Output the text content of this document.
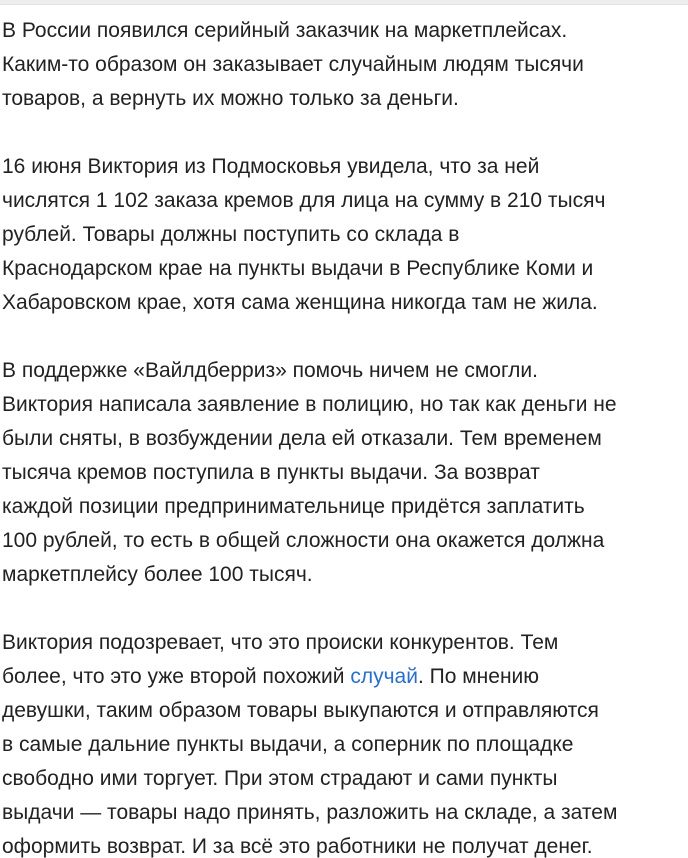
В России появился серийный заказчик на маркетплейсах.
Каким-то образом он заказывает случайным людям тысячи
товаров, а вернуть их можно только за деньги.

16 июня Виктория из Подмосковья увидела, что за ней
числятся 1 102 заказа кремов для лица на сумму в 210 тысяч
рублей. Товары должны поступить со склада в
Краснодарском крае на пункты выдачи в Республике Коми и
Хабаровском крае, хотя сама женщина никогда там не жила.

В поддержке «Вайлдберриз» помочь ничем не смогли.
Виктория написала заявление в полицию, но так как деньги не
были сняты, в возбуждении дела ей отказали. Тем временем
тысяча кремов поступила в пункты выдачи. За возврат
каждой позиции предпринимательнице придётся заплатить
100 рублей, то есть в общей сложности она окажется должна
маркетплейсу более 100 тысяч.

Виктория подозревает, что это происки конкурентов. Тем
более, что это уже второй похожий случай. По мнению
девушки, таким образом товары выкупаются и отправляются
в самые дальние пункты выдачи, а соперник по площадке
свободно ими торгует. При этом страдают и сами пункты
выдачи — товары надо принять, разложить на складе, а затем
оформить возврат. И за всё это работники не получат денег.
